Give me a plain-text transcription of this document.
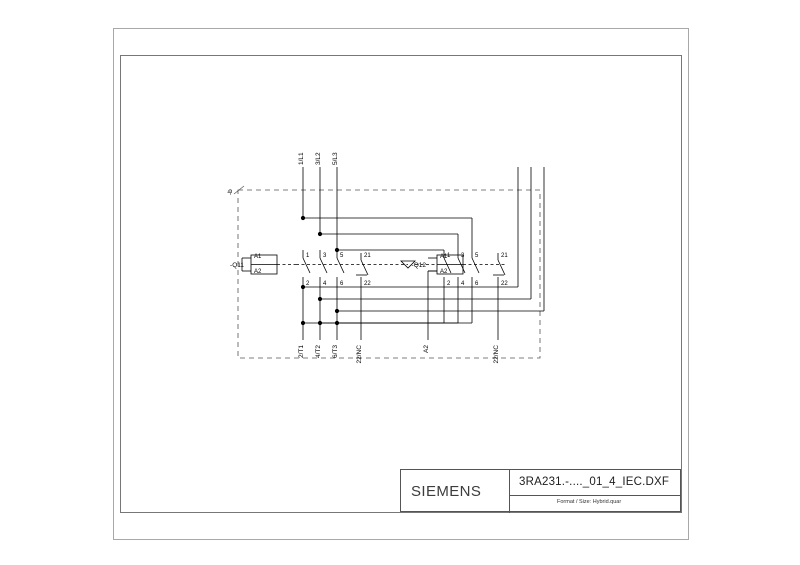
1/L1 3/L2 5/L3
-b
-Q11
A1
A2
1 3 5
2 4 6
21
22
-Q12
A1
A2
1 3 5
2 4 6
21
22
2/T1 4/T2 6/T3	22/NC	A2	22/NC
SIEMENS
3RA231.-...._01_4_IEC.DXF
Format / Size: Hybrid.quar
